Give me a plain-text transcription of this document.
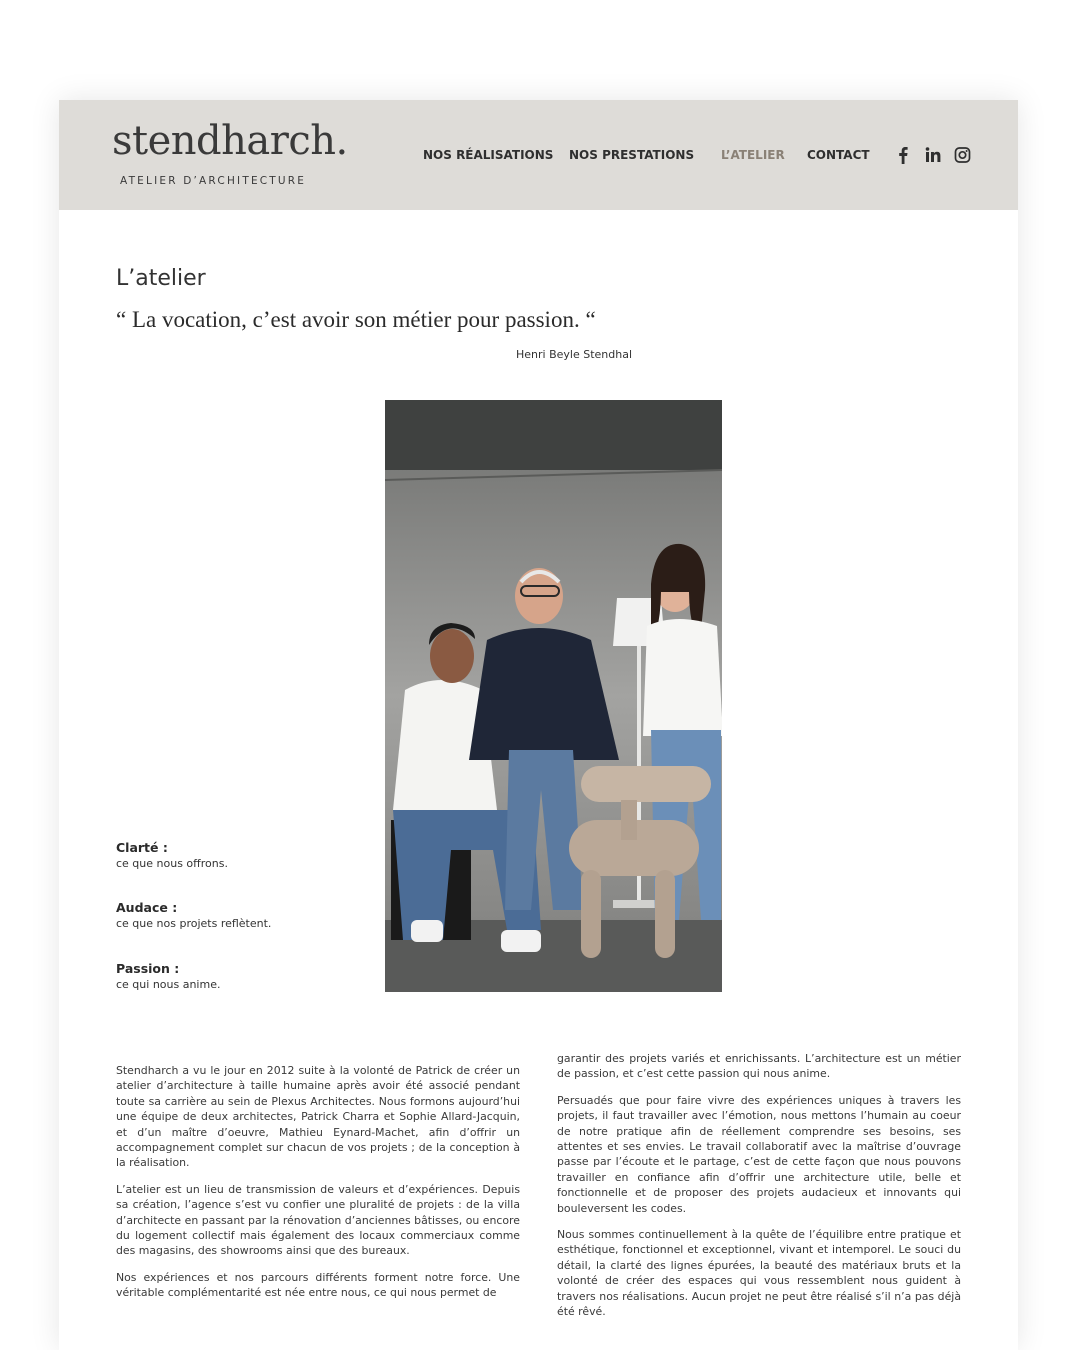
stendharch.
ATELIER D’ARCHITECTURE
NOS RÉALISATIONS NOS PRESTATIONS L’ATELIER CONTACT
L’atelier

“ La vocation, c’est avoir son métier pour passion. “

Henri Beyle Stendhal
Clarté :
ce que nous offrons.
Audace :
ce que nos projets reflètent.
Passion :
ce qui nous anime.

Stendharch a vu le jour en 2012 suite à la volonté de Patrick de créer un atelier d’architecture à taille humaine après avoir été associé pendant toute sa carrière au sein de Plexus Architectes. Nous formons aujourd’hui une équipe de deux architectes, Patrick Charra et Sophie Allard-Jacquin, et d’un maître d’oeuvre, Mathieu Eynard-Machet, afin d’offrir un accompagnement complet sur chacun de vos projets ; de la conception à la réalisation.

L’atelier est un lieu de transmission de valeurs et d’expériences. Depuis sa création, l’agence s’est vu confier une pluralité de projets : de la villa d’architecte en passant par la rénovation d’anciennes bâtisses, ou encore du logement collectif mais également des locaux commerciaux comme des magasins, des showrooms ainsi que des bureaux.

Nos expériences et nos parcours différents forment notre force. Une véritable complémentarité est née entre nous, ce qui nous permet de

garantir des projets variés et enrichissants. L’architecture est un métier de passion, et c’est cette passion qui nous anime.

Persuadés que pour faire vivre des expériences uniques à travers les projets, il faut travailler avec l’émotion, nous mettons l’humain au coeur de notre pratique afin de réellement comprendre ses besoins, ses attentes et ses envies. Le travail collaboratif avec la maîtrise d’ouvrage passe par l’écoute et le partage, c’est de cette façon que nous pouvons travailler en confiance afin d’offrir une architecture utile, belle et fonctionnelle et de proposer des projets audacieux et innovants qui bouleversent les codes.

Nous sommes continuellement à la quête de l’équilibre entre pratique et esthétique, fonctionnel et exceptionnel, vivant et intemporel. Le souci du détail, la clarté des lignes épurées, la beauté des matériaux bruts et la volonté de créer des espaces qui vous ressemblent nous guident à travers nos réalisations. Aucun projet ne peut être réalisé s’il n’a pas déjà été rêvé.
